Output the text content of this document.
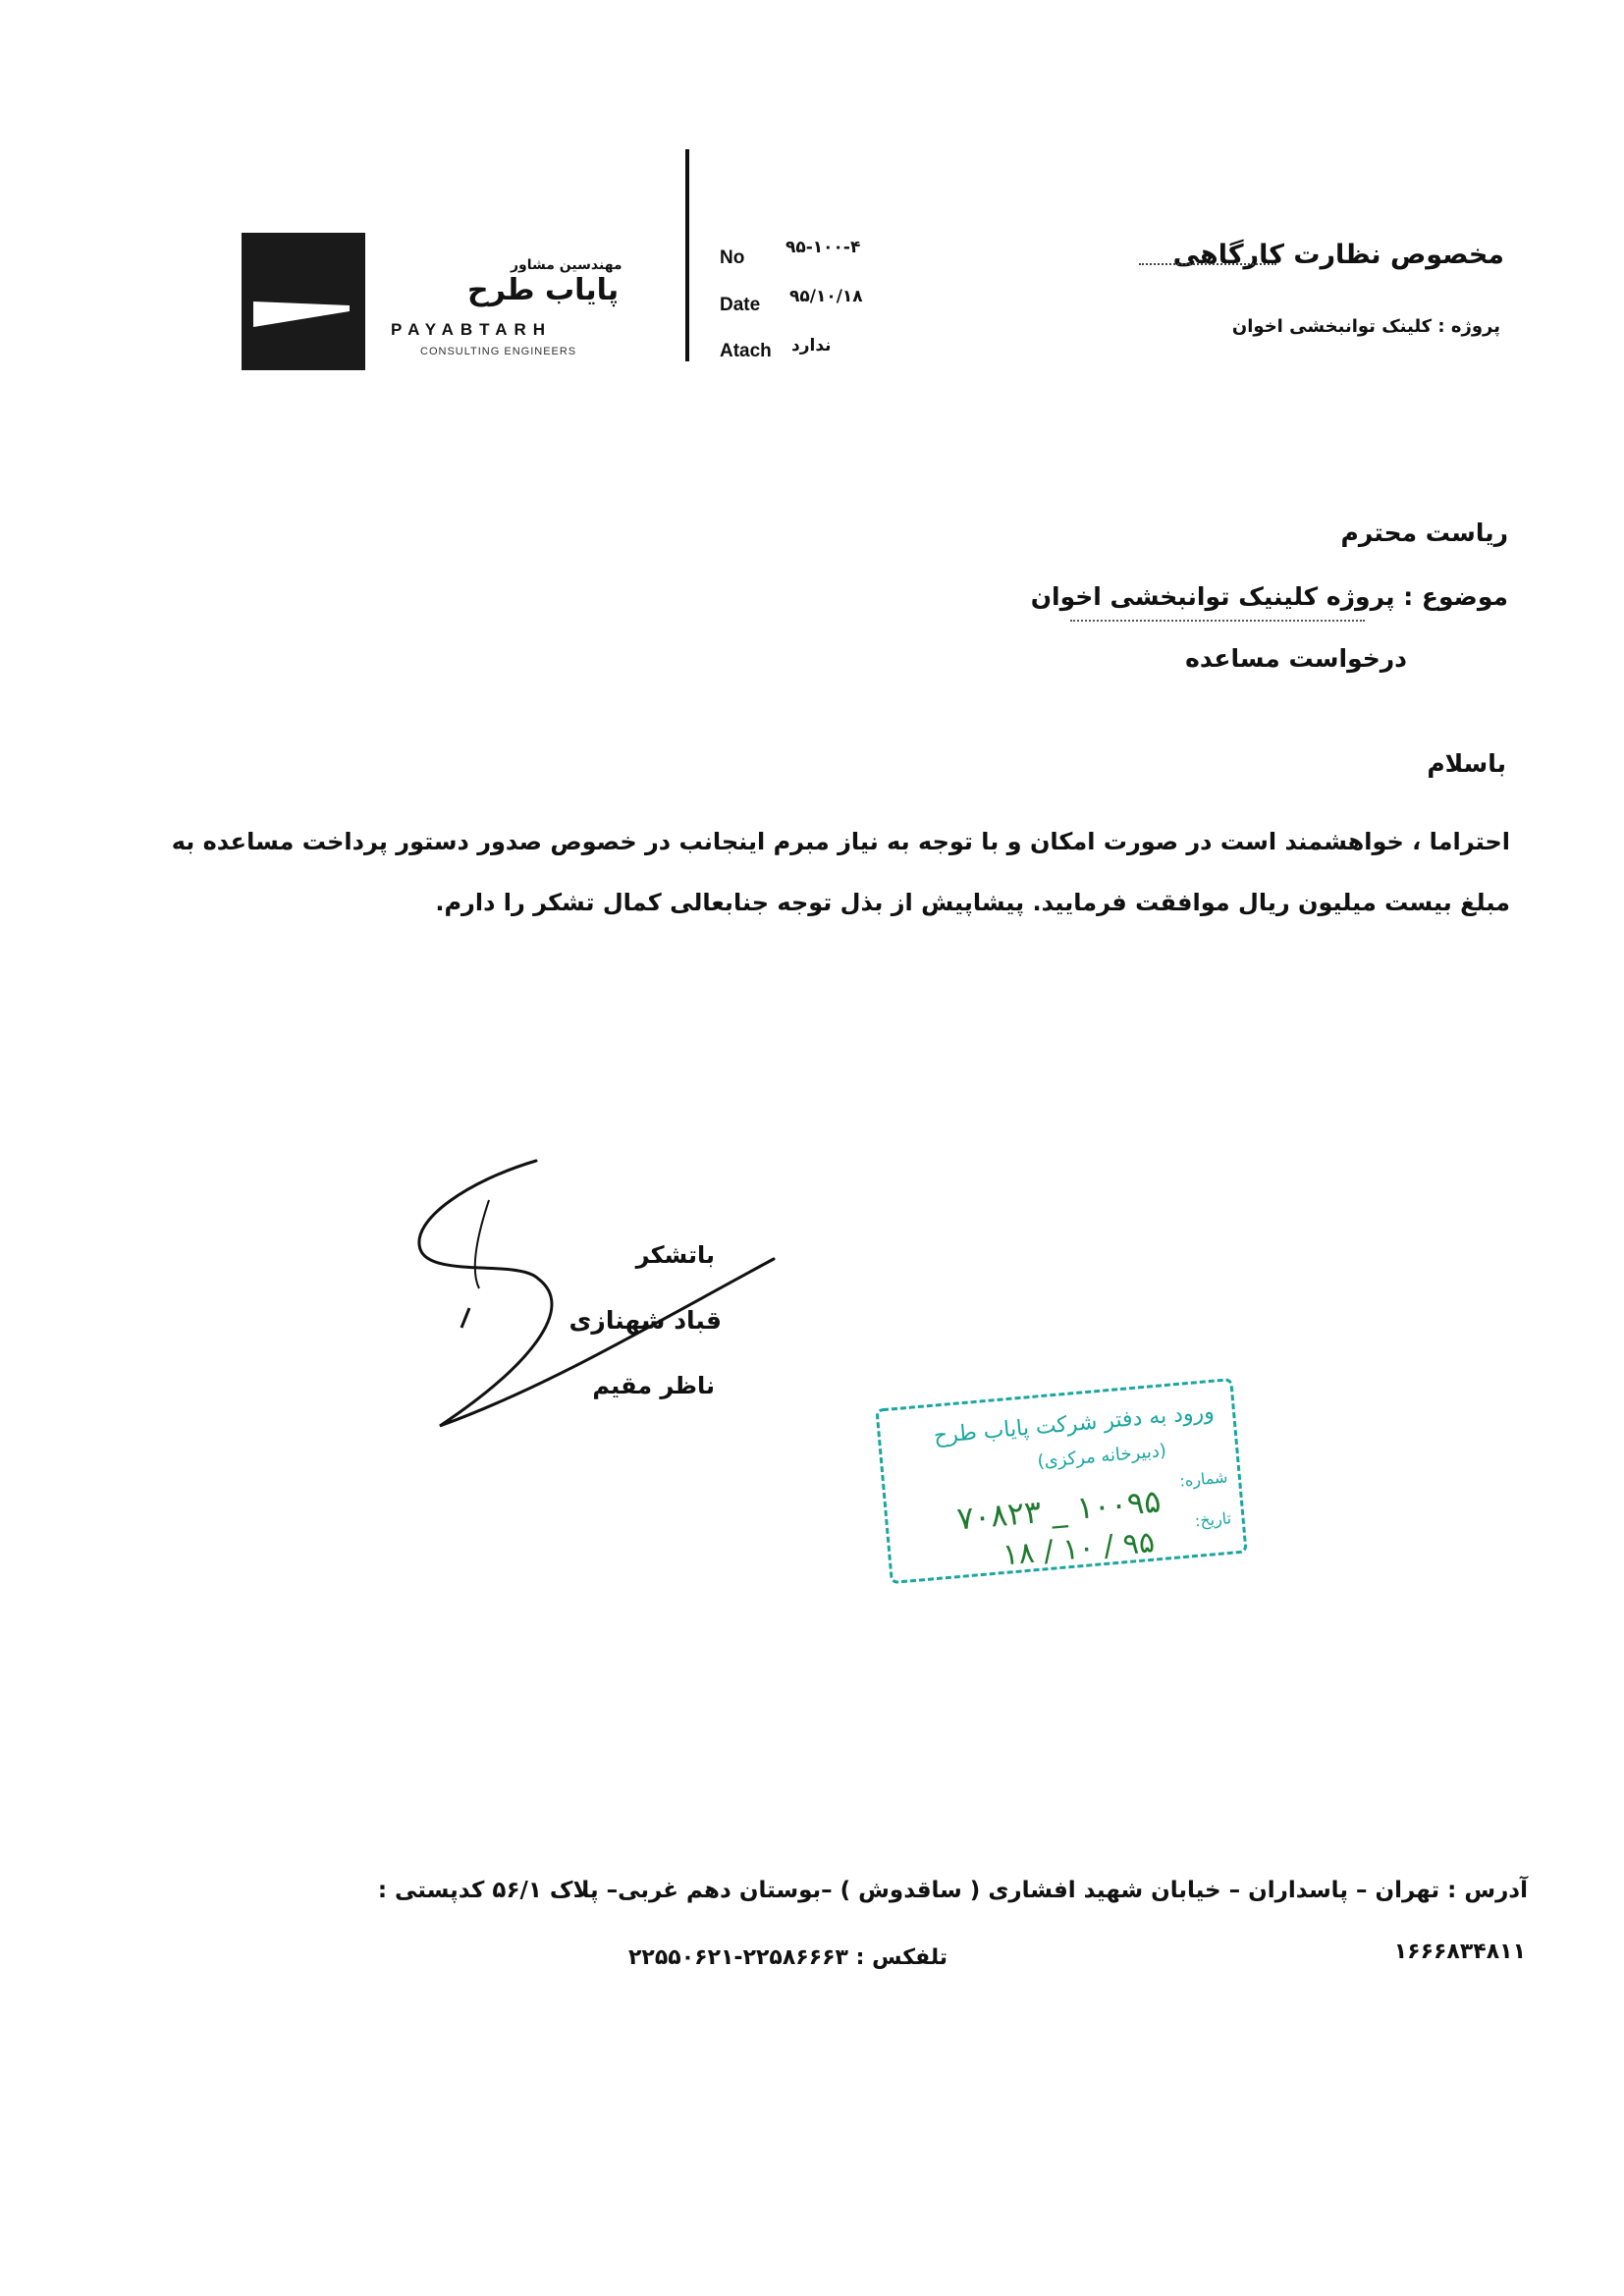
مهندسین مشاور
پایاب طرح
PAYABTARH
CONSULTING ENGINEERS
No ۹۵-۱۰۰-۴
Date ۹۵/۱۰/۱۸
Atach ندارد
مخصوص نظارت کارگاهی
پروژه : کلینک توانبخشی اخوان
ریاست محترم
موضوع : پروژه کلینیک توانبخشی اخوان
درخواست مساعده
باسلام
احتراما ، خواهشمند است در صورت امکان و با توجه به نیاز مبرم اینجانب در خصوص صدور دستور پرداخت مساعده به مبلغ بیست میلیون ریال موافقت فرمایید. پیشاپیش از بذل توجه جنابعالی کمال تشکر را دارم.
باتشکر
قباد شهنازی
ناظر مقیم
ورود به دفتر شرکت پایاب طرح
(دبیرخانه مرکزی)
شماره:
تاریخ:
۱۰۰۹۵ _ ۷۰۸۲۳
۹۵ / ۱۰ / ۱۸
آدرس : تهران – پاسداران – خیابان شهید افشاری ( ساقدوش ) –بوستان دهم غربی– پلاک ۵۶/۱ کدپستی :
۱۶۶۶۸۳۴۸۱۱
تلفکس : ۲۲۵۸۶۶۶۳-۲۲۵۵۰۶۲۱
